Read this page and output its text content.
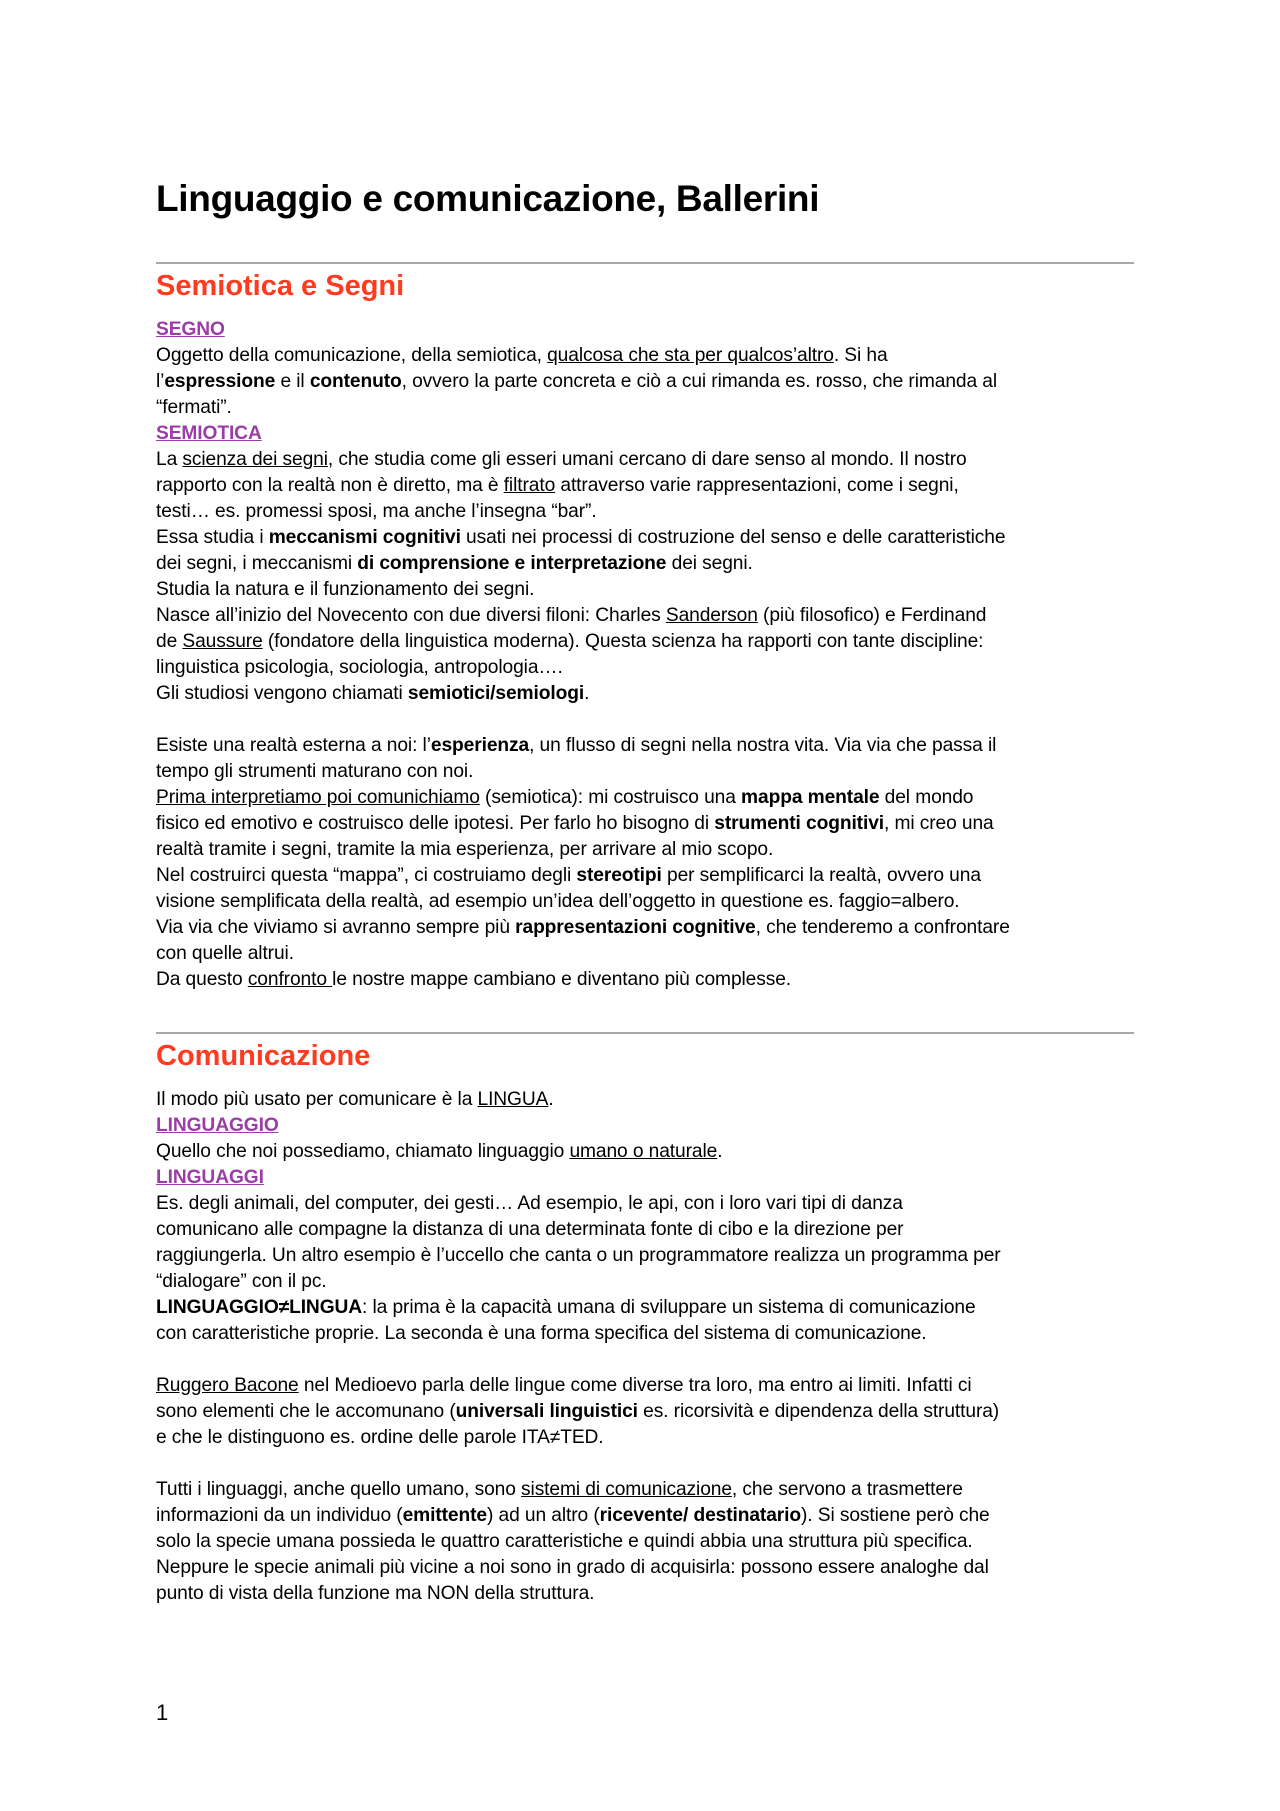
Linguaggio e comunicazione, Ballerini
Semiotica e Segni
SEGNO
Oggetto della comunicazione, della semiotica, qualcosa che sta per qualcos’altro. Si ha
l’espressione e il contenuto, ovvero la parte concreta e ciò a cui rimanda es. rosso, che rimanda al
“fermati”.
SEMIOTICA
La scienza dei segni, che studia come gli esseri umani cercano di dare senso al mondo. Il nostro
rapporto con la realtà non è diretto, ma è filtrato attraverso varie rappresentazioni, come i segni,
testi… es. promessi sposi, ma anche l’insegna “bar”.
Essa studia i meccanismi cognitivi usati nei processi di costruzione del senso e delle caratteristiche
dei segni, i meccanismi di comprensione e interpretazione dei segni.
Studia la natura e il funzionamento dei segni.
Nasce all’inizio del Novecento con due diversi filoni: Charles Sanderson (più filosofico) e Ferdinand
de Saussure (fondatore della linguistica moderna). Questa scienza ha rapporti con tante discipline:
linguistica psicologia, sociologia, antropologia….
Gli studiosi vengono chiamati semiotici/semiologi.
Esiste una realtà esterna a noi: l’esperienza, un flusso di segni nella nostra vita. Via via che passa il
tempo gli strumenti maturano con noi.
Prima interpretiamo poi comunichiamo (semiotica): mi costruisco una mappa mentale del mondo
fisico ed emotivo e costruisco delle ipotesi. Per farlo ho bisogno di strumenti cognitivi, mi creo una
realtà tramite i segni, tramite la mia esperienza, per arrivare al mio scopo.
Nel costruirci questa “mappa”, ci costruiamo degli stereotipi per semplificarci la realtà, ovvero una
visione semplificata della realtà, ad esempio un’idea dell’oggetto in questione es. faggio=albero.
Via via che viviamo si avranno sempre più rappresentazioni cognitive, che tenderemo a confrontare
con quelle altrui.
Da questo confronto le nostre mappe cambiano e diventano più complesse.
Comunicazione
Il modo più usato per comunicare è la LINGUA.
LINGUAGGIO
Quello che noi possediamo, chiamato linguaggio umano o naturale.
LINGUAGGI
Es. degli animali, del computer, dei gesti… Ad esempio, le api, con i loro vari tipi di danza
comunicano alle compagne la distanza di una determinata fonte di cibo e la direzione per
raggiungerla. Un altro esempio è l’uccello che canta o un programmatore realizza un programma per
“dialogare” con il pc.
LINGUAGGIO≠LINGUA: la prima è la capacità umana di sviluppare un sistema di comunicazione
con caratteristiche proprie. La seconda è una forma specifica del sistema di comunicazione.
Ruggero Bacone nel Medioevo parla delle lingue come diverse tra loro, ma entro ai limiti. Infatti ci
sono elementi che le accomunano (universali linguistici es. ricorsività e dipendenza della struttura)
e che le distinguono es. ordine delle parole ITA≠TED.
Tutti i linguaggi, anche quello umano, sono sistemi di comunicazione, che servono a trasmettere
informazioni da un individuo (emittente) ad un altro (ricevente/ destinatario). Si sostiene però che
solo la specie umana possieda le quattro caratteristiche e quindi abbia una struttura più specifica.
Neppure le specie animali più vicine a noi sono in grado di acquisirla: possono essere analoghe dal
punto di vista della funzione ma NON della struttura.
1
